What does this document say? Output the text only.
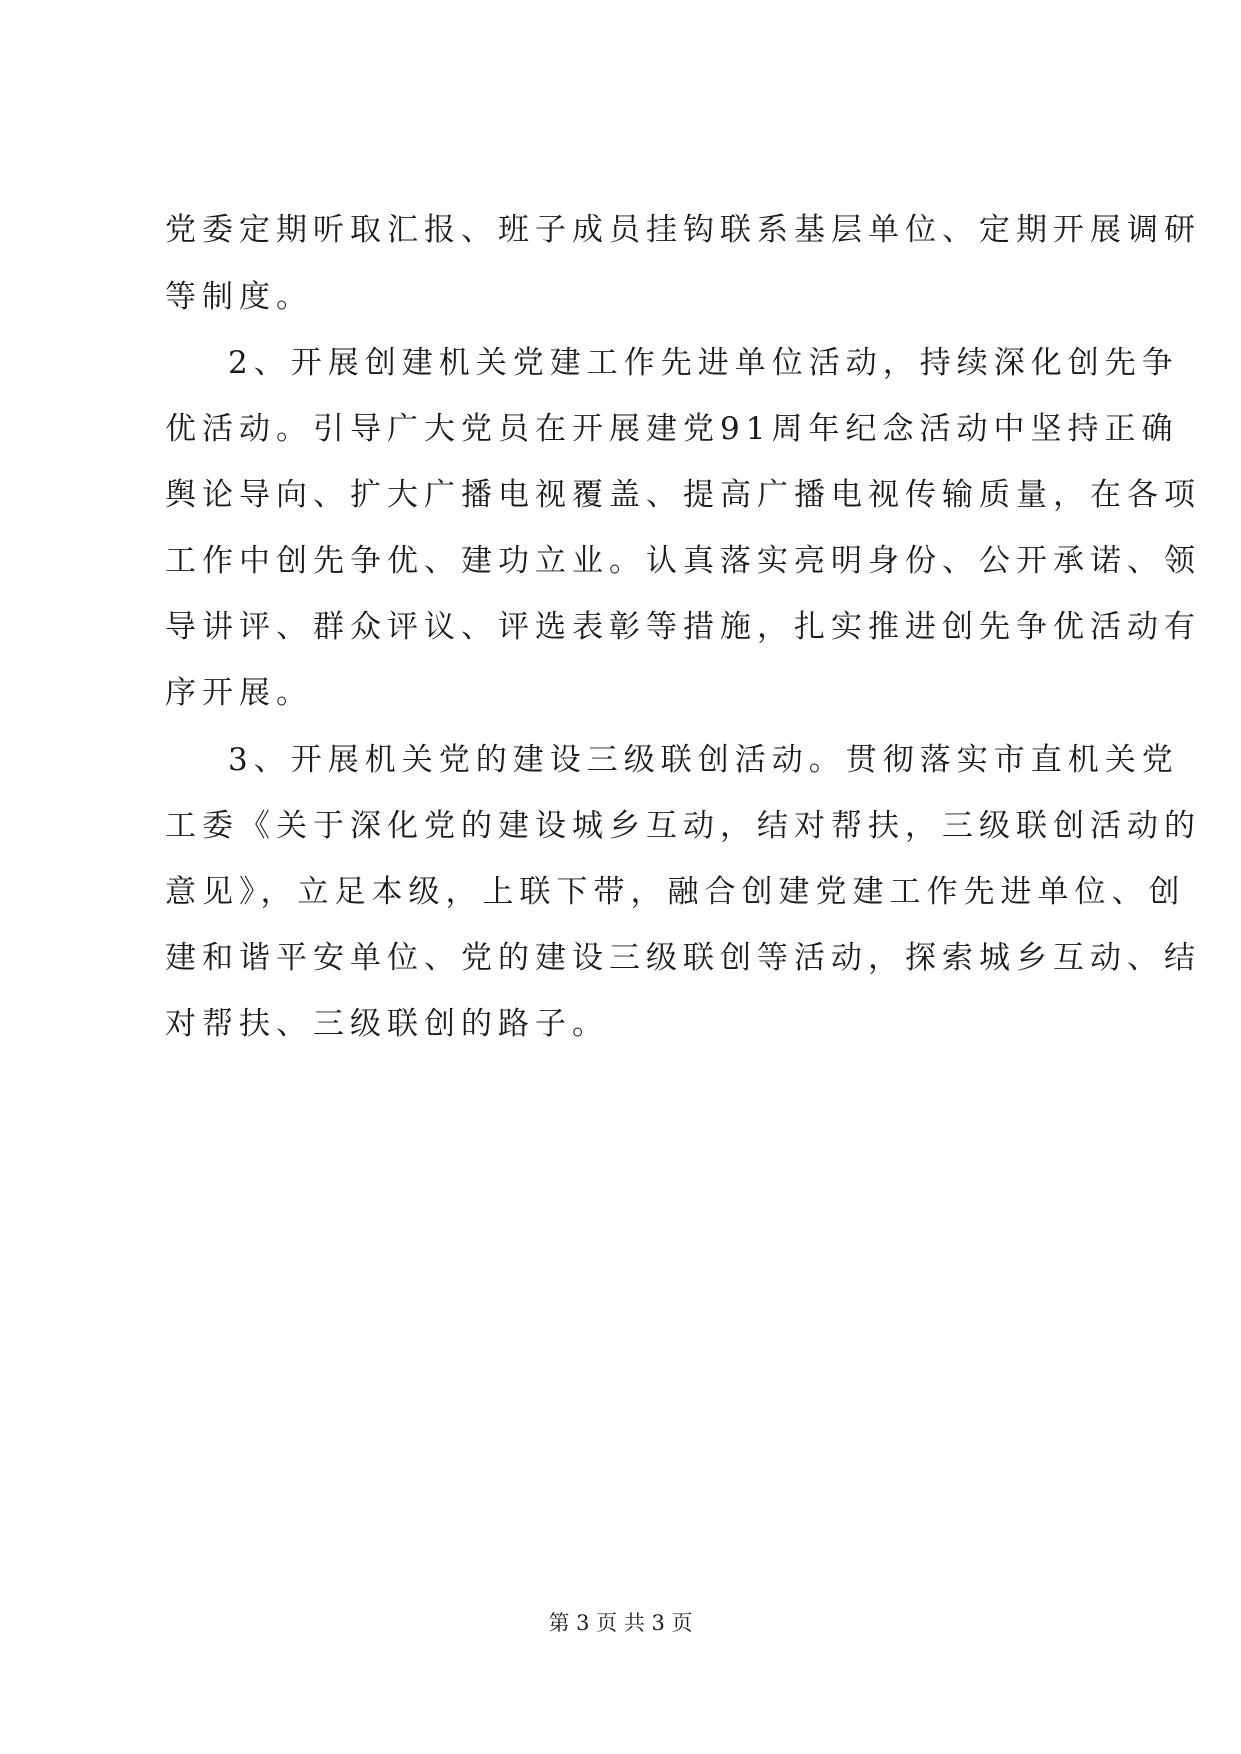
党委定期听取汇报、班子成员挂钩联系基层单位、定期开展调研
等制度。
2、开展创建机关党建工作先进单位活动，持续深化创先争
优活动。引导广大党员在开展建党91周年纪念活动中坚持正确
舆论导向、扩大广播电视覆盖、提高广播电视传输质量，在各项
工作中创先争优、建功立业。认真落实亮明身份、公开承诺、领
导讲评、群众评议、评选表彰等措施，扎实推进创先争优活动有
序开展。
3、开展机关党的建设三级联创活动。贯彻落实市直机关党
工委《关于深化党的建设城乡互动，结对帮扶，三级联创活动的
意见》，立足本级，上联下带，融合创建党建工作先进单位、创
建和谐平安单位、党的建设三级联创等活动，探索城乡互动、结
对帮扶、三级联创的路子。
第 3 页 共 3 页
